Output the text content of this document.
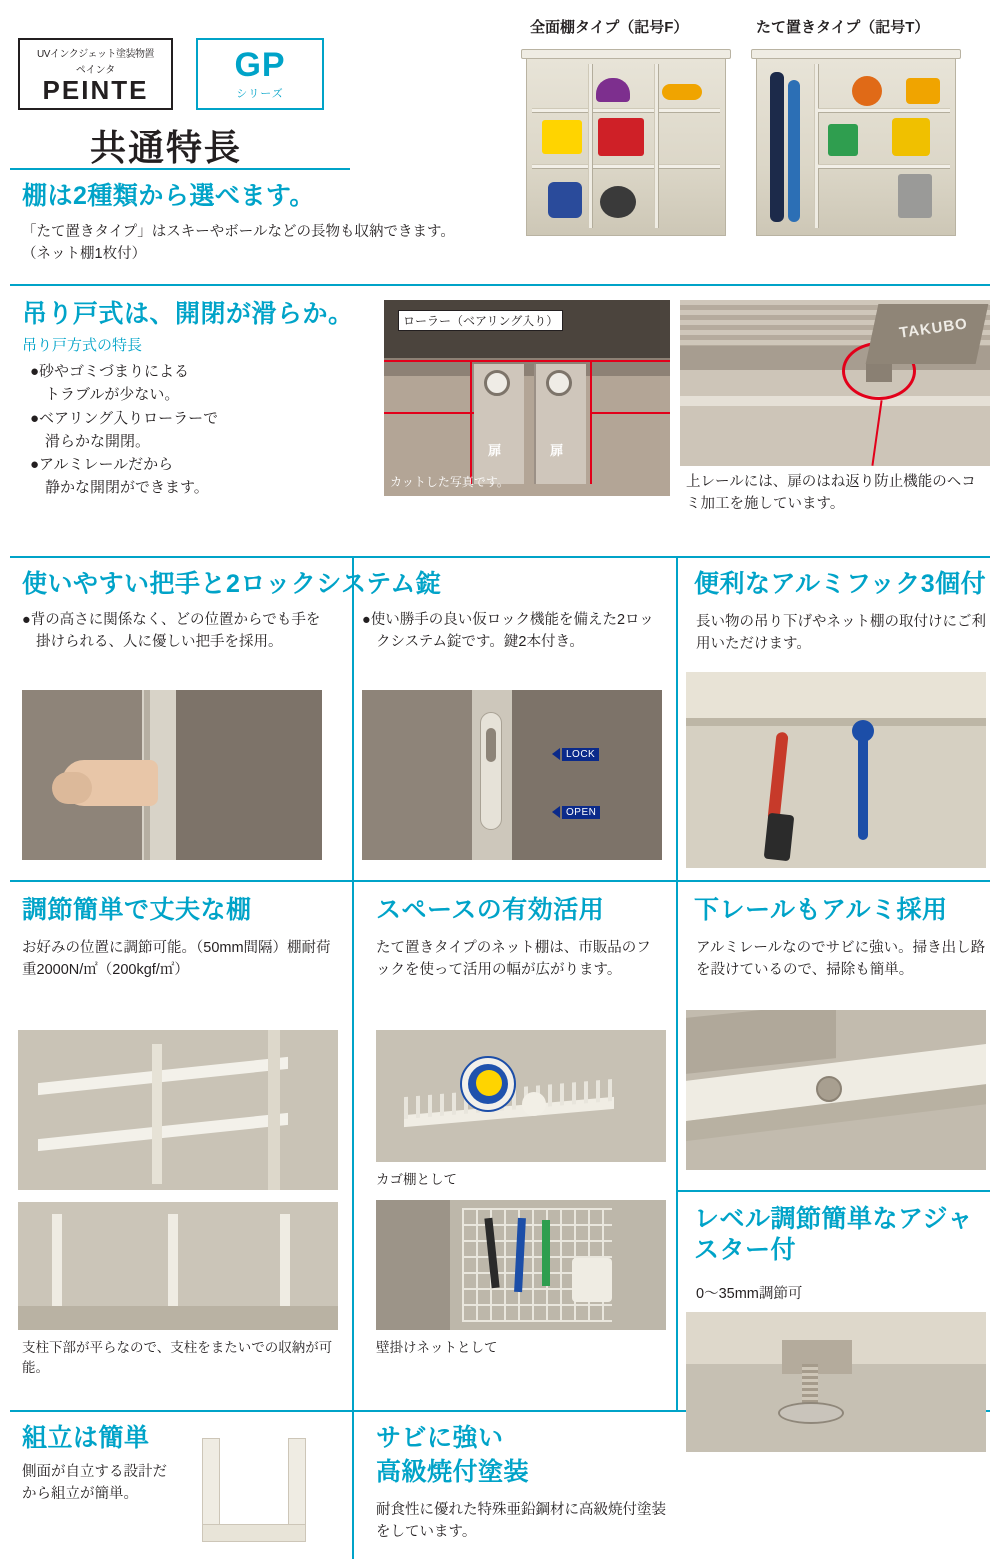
UVインクジェット塗装物置
ペインタ
PEINTE
GP
シリーズ
共通特長
全面棚タイプ（記号F）	たて置きタイプ（記号T）
棚は2種類から選べます。
「たて置きタイプ」はスキーやボールなどの長物も収納できます。（ネット棚1枚付）
吊り戸式は、開閉が滑らか。
吊り戸方式の特長
●砂やゴミづまりによる
　トラブルが少ない。
●ベアリング入りローラーで
　滑らかな開閉。
●アルミレールだから
　静かな開閉ができます。
ローラー（ベアリング入り）
扉	扉
カットした写真です。
TAKUBO
上レールには、扉のはね返り防止機能のヘコミ加工を施しています。
使いやすい把手と2ロックシステム錠
●背の高さに関係なく、どの位置からでも手を掛けられる、人に優しい把手を採用。
●使い勝手の良い仮ロック機能を備えた2ロックシステム錠です。鍵2本付き。
LOCK
OPEN
便利なアルミフック3個付
長い物の吊り下げやネット棚の取付けにご利用いただけます。
調節簡単で丈夫な棚
お好みの位置に調節可能。（50mm間隔）棚耐荷重2000N/㎡（200kgf/㎡）
支柱下部が平らなので、支柱をまたいでの収納が可能。
スペースの有効活用
たて置きタイプのネット棚は、市販品のフックを使って活用の幅が広がります。
カゴ棚として
壁掛けネットとして
下レールもアルミ採用
アルミレールなのでサビに強い。掃き出し路を設けているので、掃除も簡単。
レベル調節簡単なアジャスター付
0〜35mm調節可
組立は簡単
側面が自立する設計だから組立が簡単。
サビに強い
高級焼付塗装
耐食性に優れた特殊亜鉛鋼材に高級焼付塗装をしています。
